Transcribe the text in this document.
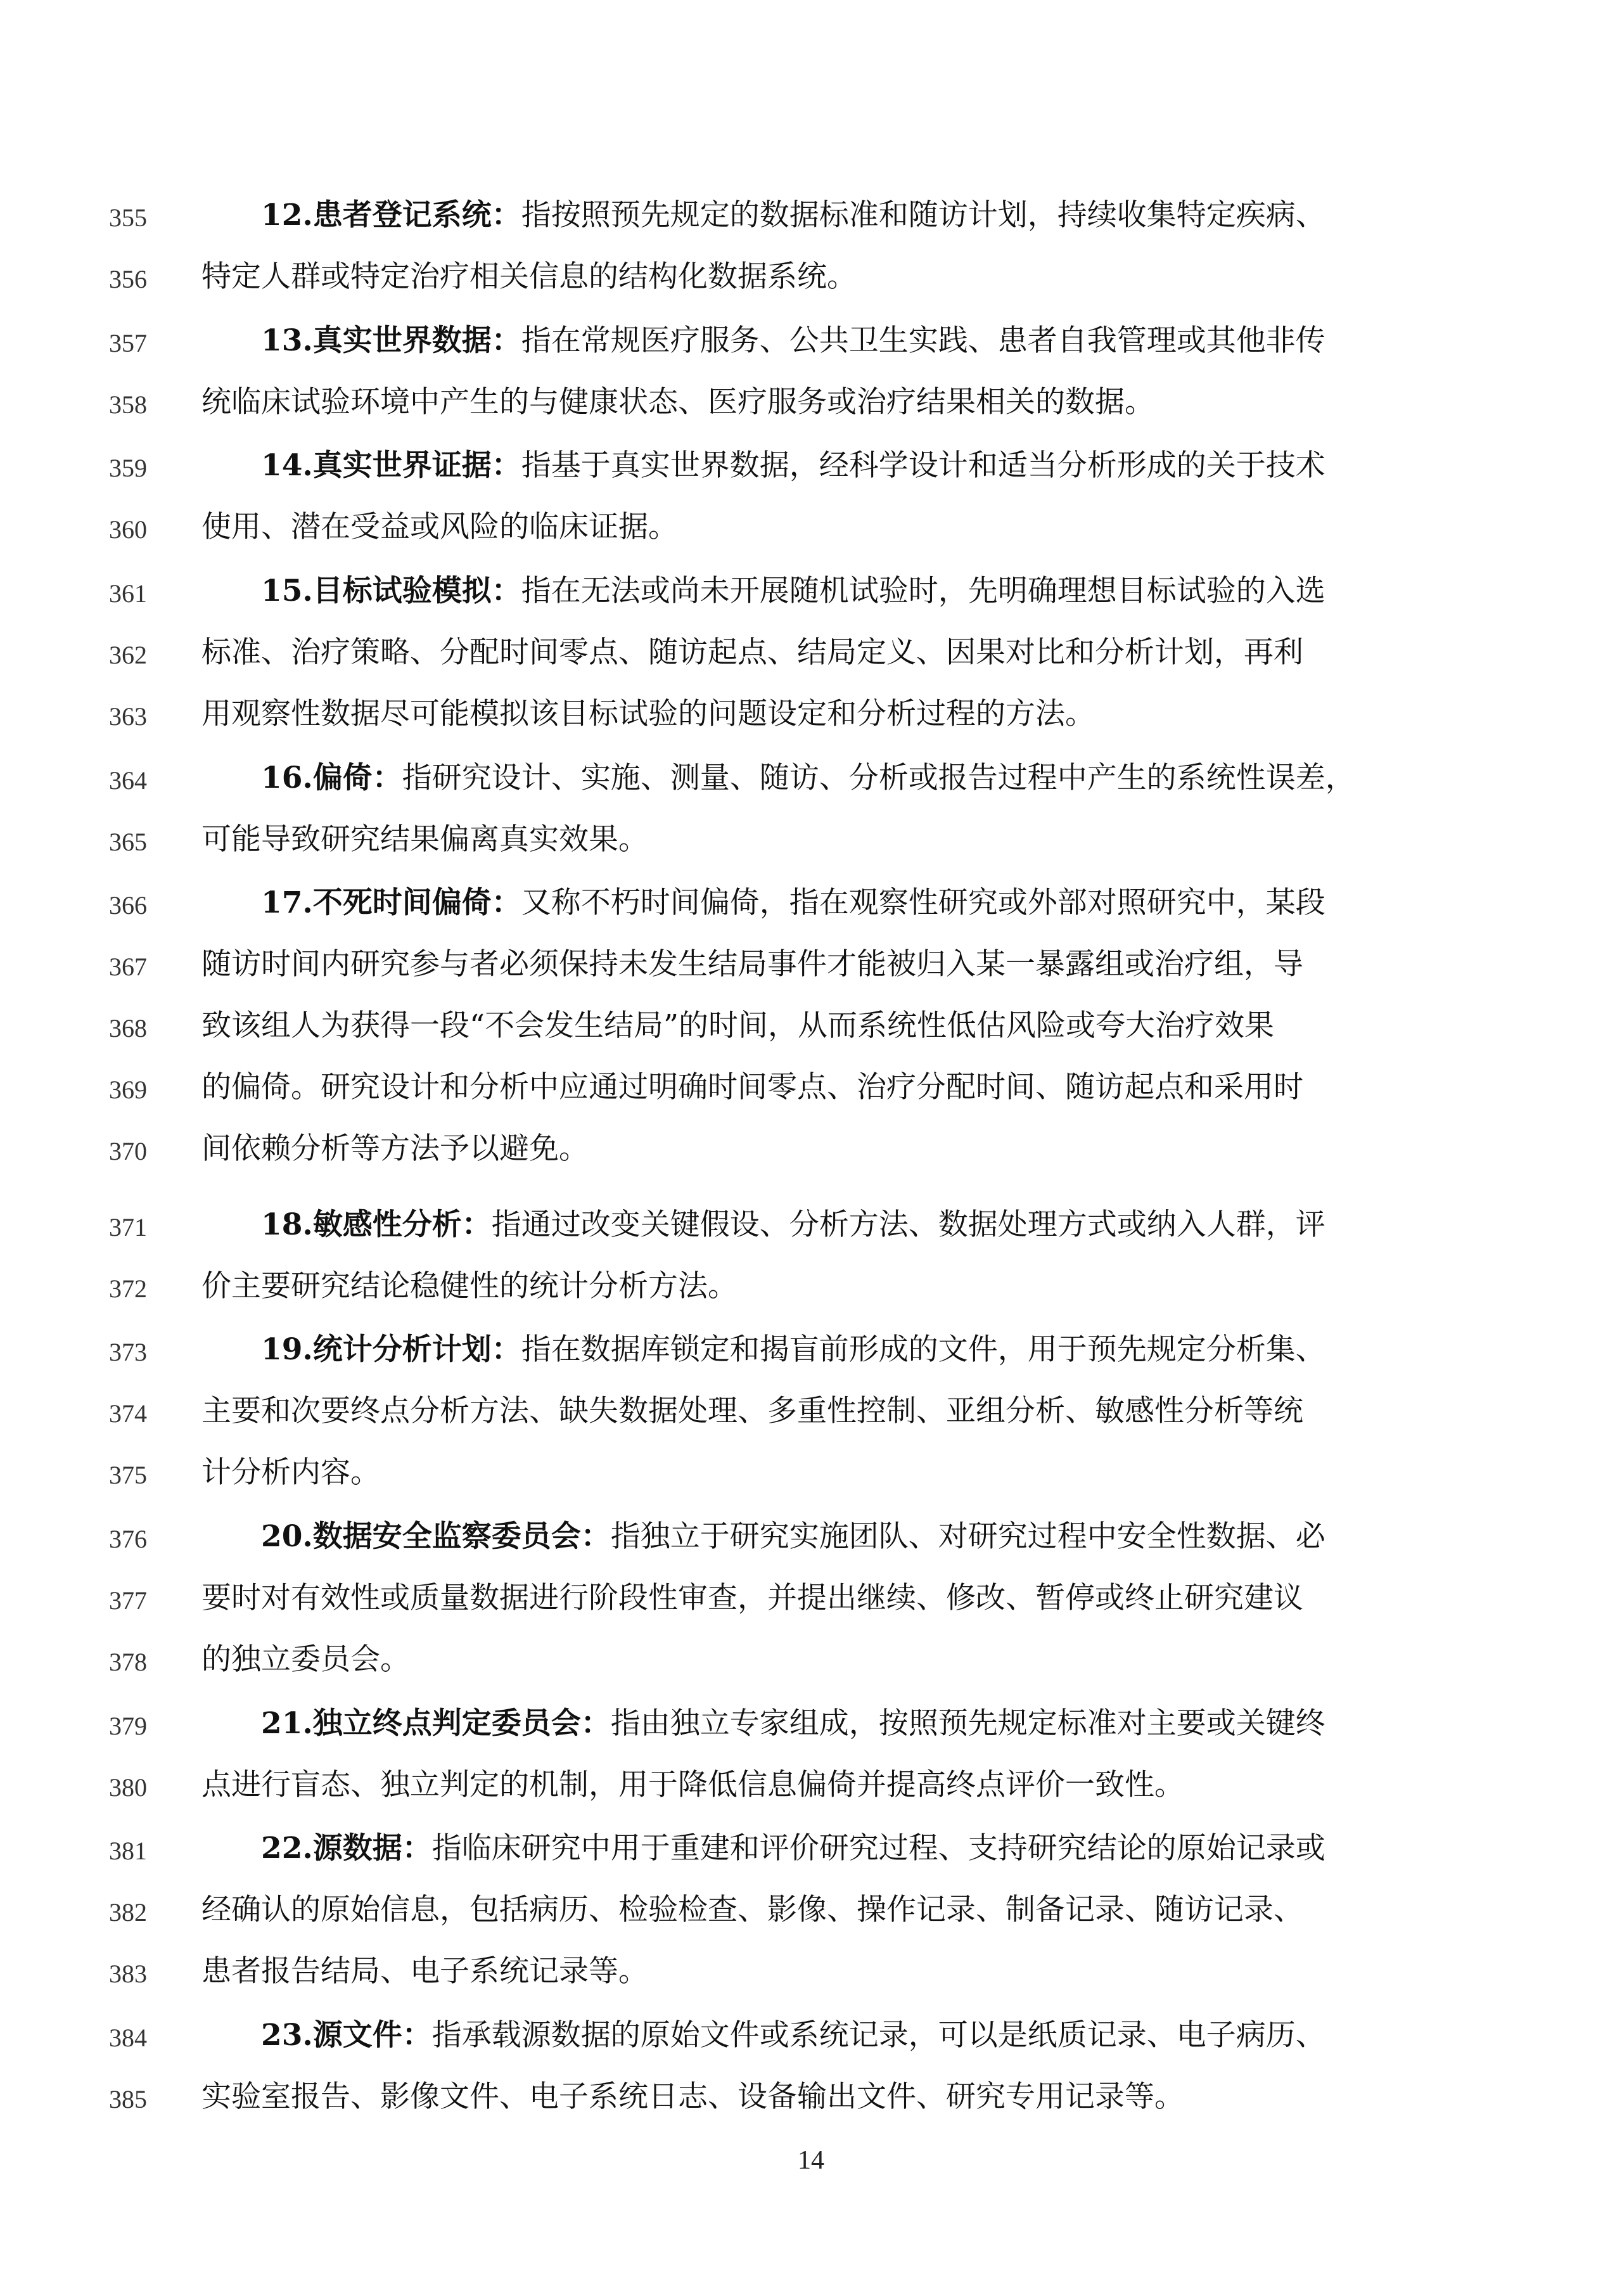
355	12.患者登记系统：指按照预先规定的数据标准和随访计划，持续收集特定疾病、
356 特定人群或特定治疗相关信息的结构化数据系统。
357	13.真实世界数据：指在常规医疗服务、公共卫生实践、患者自我管理或其他非传
358 统临床试验环境中产生的与健康状态、医疗服务或治疗结果相关的数据。
359	14.真实世界证据：指基于真实世界数据，经科学设计和适当分析形成的关于技术
360 使用、潜在受益或风险的临床证据。
361	15.目标试验模拟：指在无法或尚未开展随机试验时，先明确理想目标试验的入选
362 标准、治疗策略、分配时间零点、随访起点、结局定义、因果对比和分析计划，再利
363 用观察性数据尽可能模拟该目标试验的问题设定和分析过程的方法。
364	16.偏倚：指研究设计、实施、测量、随访、分析或报告过程中产生的系统性误差，
365 可能导致研究结果偏离真实效果。
366	17.不死时间偏倚：又称不朽时间偏倚，指在观察性研究或外部对照研究中，某段
367 随访时间内研究参与者必须保持未发生结局事件才能被归入某一暴露组或治疗组，导
368 致该组人为获得一段“不会发生结局”的时间，从而系统性低估风险或夸大治疗效果
369 的偏倚。研究设计和分析中应通过明确时间零点、治疗分配时间、随访起点和采用时
370 间依赖分析等方法予以避免。
371	18.敏感性分析：指通过改变关键假设、分析方法、数据处理方式或纳入人群，评
372 价主要研究结论稳健性的统计分析方法。
373	19.统计分析计划：指在数据库锁定和揭盲前形成的文件，用于预先规定分析集、
374 主要和次要终点分析方法、缺失数据处理、多重性控制、亚组分析、敏感性分析等统
375 计分析内容。
376	20.数据安全监察委员会：指独立于研究实施团队、对研究过程中安全性数据、必
377 要时对有效性或质量数据进行阶段性审查，并提出继续、修改、暂停或终止研究建议
378 的独立委员会。
379	21.独立终点判定委员会：指由独立专家组成，按照预先规定标准对主要或关键终
380 点进行盲态、独立判定的机制，用于降低信息偏倚并提高终点评价一致性。
381	22.源数据：指临床研究中用于重建和评价研究过程、支持研究结论的原始记录或
382 经确认的原始信息，包括病历、检验检查、影像、操作记录、制备记录、随访记录、
383 患者报告结局、电子系统记录等。
384	23.源文件：指承载源数据的原始文件或系统记录，可以是纸质记录、电子病历、
385 实验室报告、影像文件、电子系统日志、设备输出文件、研究专用记录等。
14
